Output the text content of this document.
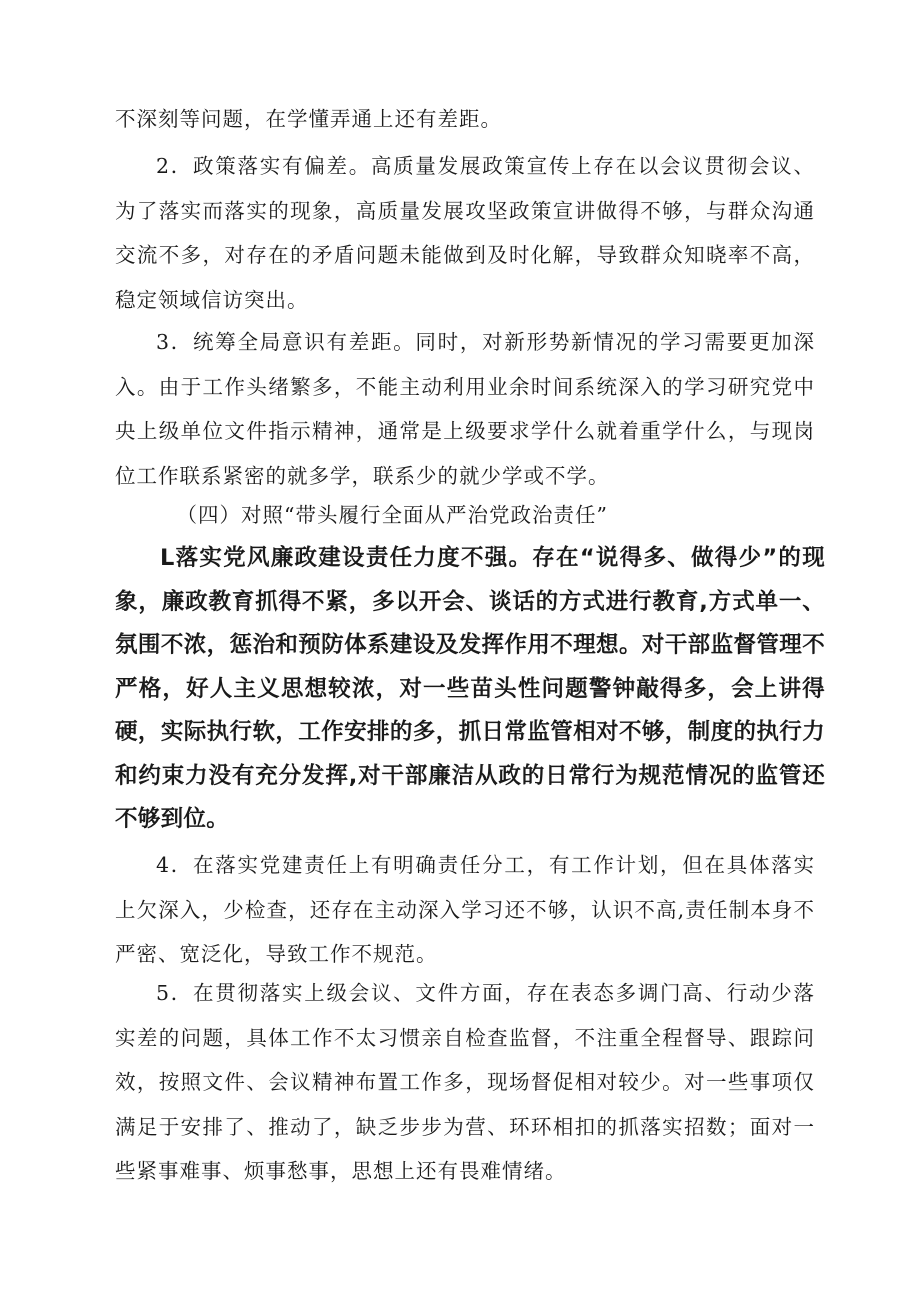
不深刻等问题，在学懂弄通上还有差距。

2．政策落实有偏差。高质量发展政策宣传上存在以会议贯彻会议、为了落实而落实的现象，高质量发展攻坚政策宣讲做得不够，与群众沟通交流不多，对存在的矛盾问题未能做到及时化解，导致群众知晓率不高，稳定领域信访突出。

3．统筹全局意识有差距。同时，对新形势新情况的学习需要更加深入。由于工作头绪繁多，不能主动利用业余时间系统深入的学习研究党中央上级单位文件指示精神，通常是上级要求学什么就着重学什么，与现岗位工作联系紧密的就多学，联系少的就少学或不学。

（四）对照“带头履行全面从严治党政治责任”

L落实党风廉政建设责任力度不强。存在“说得多、做得少”的现象，廉政教育抓得不紧，多以开会、谈话的方式进行教育,方式单一、氛围不浓，惩治和预防体系建设及发挥作用不理想。对干部监督管理不严格，好人主义思想较浓，对一些苗头性问题警钟敲得多，会上讲得硬，实际执行软，工作安排的多，抓日常监管相对不够，制度的执行力和约束力没有充分发挥,对干部廉洁从政的日常行为规范情况的监管还不够到位。

4．在落实党建责任上有明确责任分工，有工作计划，但在具体落实上欠深入，少检查，还存在主动深入学习还不够，认识不高,责任制本身不严密、宽泛化，导致工作不规范。

5．在贯彻落实上级会议、文件方面，存在表态多调门高、行动少落实差的问题，具体工作不太习惯亲自检查监督，不注重全程督导、跟踪问效，按照文件、会议精神布置工作多，现场督促相对较少。对一些事项仅满足于安排了、推动了，缺乏步步为营、环环相扣的抓落实招数；面对一些紧事难事、烦事愁事，思想上还有畏难情绪。
